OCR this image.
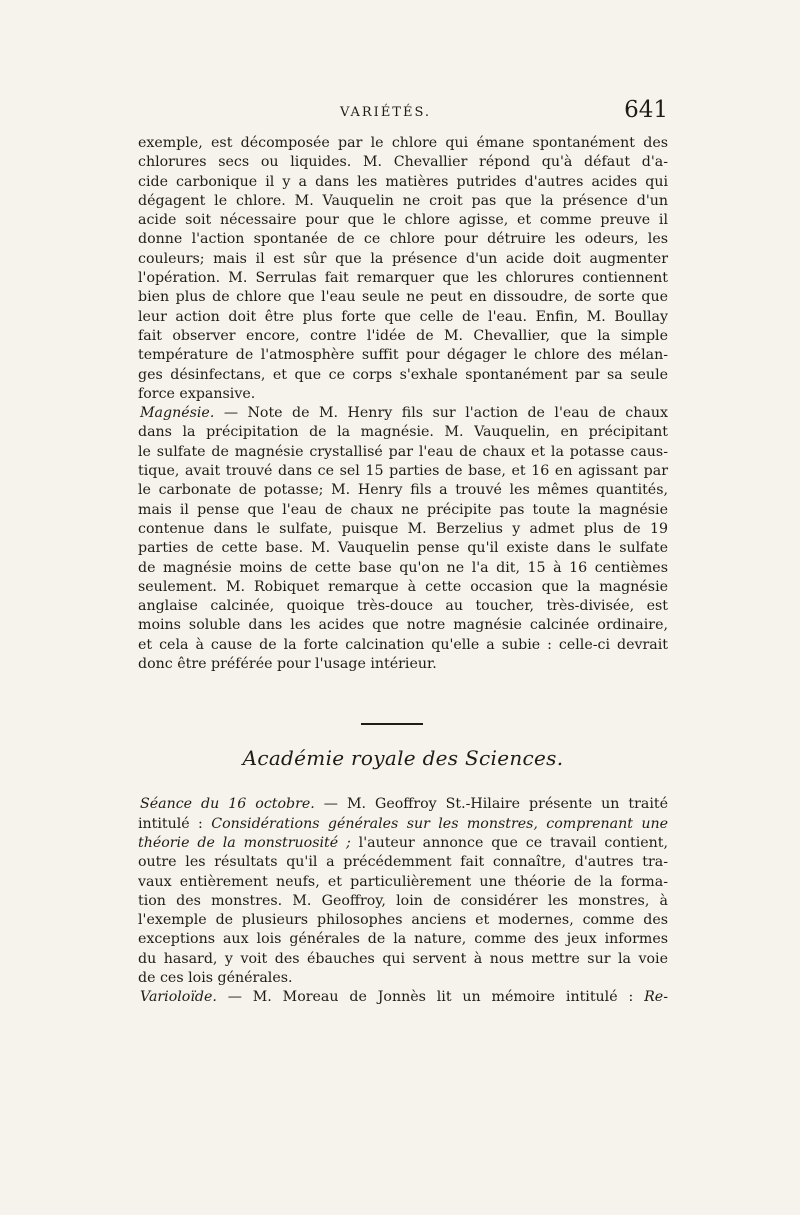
VARIÉTÉS.	641
exemple, est décomposée par le chlore qui émane spontanément des
chlorures secs ou liquides. M. Chevallier répond qu'à défaut d'a-
cide carbonique il y a dans les matières putrides d'autres acides qui
dégagent le chlore. M. Vauquelin ne croit pas que la présence d'un
acide soit nécessaire pour que le chlore agisse, et comme preuve il
donne l'action spontanée de ce chlore pour détruire les odeurs, les
couleurs; mais il est sûr que la présence d'un acide doit augmenter
l'opération. M. Serrulas fait remarquer que les chlorures contiennent
bien plus de chlore que l'eau seule ne peut en dissoudre, de sorte que
leur action doit être plus forte que celle de l'eau. Enfin, M. Boullay
fait observer encore, contre l'idée de M. Chevallier, que la simple
température de l'atmosphère suffit pour dégager le chlore des mélan-
ges désinfectans, et que ce corps s'exhale spontanément par sa seule
force expansive.
Magnésie. — Note de M. Henry fils sur l'action de l'eau de chaux
dans la précipitation de la magnésie. M. Vauquelin, en précipitant
le sulfate de magnésie crystallisé par l'eau de chaux et la potasse caus-
tique, avait trouvé dans ce sel 15 parties de base, et 16 en agissant par
le carbonate de potasse; M. Henry fils a trouvé les mêmes quantités,
mais il pense que l'eau de chaux ne précipite pas toute la magnésie
contenue dans le sulfate, puisque M. Berzelius y admet plus de 19
parties de cette base. M. Vauquelin pense qu'il existe dans le sulfate
de magnésie moins de cette base qu'on ne l'a dit, 15 à 16 centièmes
seulement. M. Robiquet remarque à cette occasion que la magnésie
anglaise calcinée, quoique très-douce au toucher, très-divisée, est
moins soluble dans les acides que notre magnésie calcinée ordinaire,
et cela à cause de la forte calcination qu'elle a subie : celle-ci devrait
donc être préférée pour l'usage intérieur.
Académie royale des Sciences.
Séance du 16 octobre. — M. Geoffroy St.-Hilaire présente un traité
intitulé : Considérations générales sur les monstres, comprenant une
théorie de la monstruosité ; l'auteur annonce que ce travail contient,
outre les résultats qu'il a précédemment fait connaître, d'autres tra-
vaux entièrement neufs, et particulièrement une théorie de la forma-
tion des monstres. M. Geoffroy, loin de considérer les monstres, à
l'exemple de plusieurs philosophes anciens et modernes, comme des
exceptions aux lois générales de la nature, comme des jeux informes
du hasard, y voit des ébauches qui servent à nous mettre sur la voie
de ces lois générales.
Varioloïde. — M. Moreau de Jonnès lit un mémoire intitulé : Re-
